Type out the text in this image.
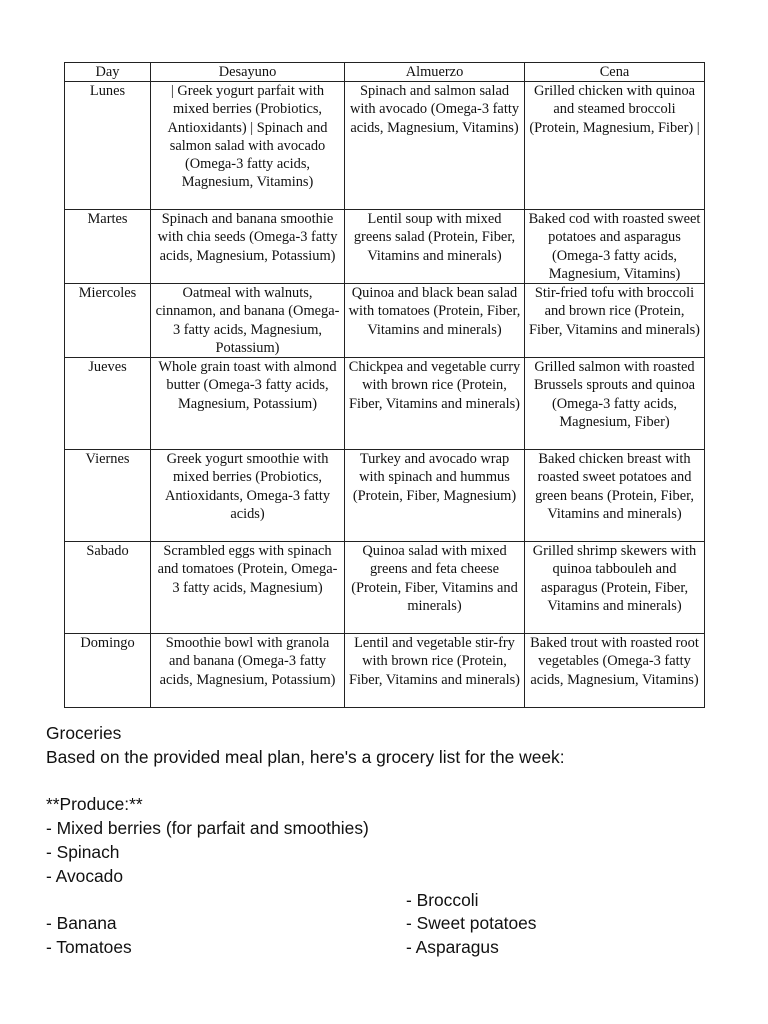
Day	Desayuno	Almuerzo	Cena
Lunes	| Greek yogurt parfait with mixed berries (Probiotics, Antioxidants) | Spinach and salmon salad with avocado (Omega-3 fatty acids, Magnesium, Vitamins)	Spinach and salmon salad with avocado (Omega-3 fatty acids, Magnesium, Vitamins)	Grilled chicken with quinoa and steamed broccoli (Protein, Magnesium, Fiber) |
Martes	Spinach and banana smoothie with chia seeds (Omega-3 fatty acids, Magnesium, Potassium)	Lentil soup with mixed greens salad (Protein, Fiber, Vitamins and minerals)	Baked cod with roasted sweet potatoes and asparagus (Omega-3 fatty acids, Magnesium, Vitamins)
Miercoles	Oatmeal with walnuts, cinnamon, and banana (Omega-3 fatty acids, Magnesium, Potassium)	Quinoa and black bean salad with tomatoes (Protein, Fiber, Vitamins and minerals)	Stir-fried tofu with broccoli and brown rice (Protein, Fiber, Vitamins and minerals)
Jueves	Whole grain toast with almond butter (Omega-3 fatty acids, Magnesium, Potassium)	Chickpea and vegetable curry with brown rice (Protein, Fiber, Vitamins and minerals)	Grilled salmon with roasted Brussels sprouts and quinoa (Omega-3 fatty acids, Magnesium, Fiber)
Viernes	Greek yogurt smoothie with mixed berries (Probiotics, Antioxidants, Omega-3 fatty acids)	Turkey and avocado wrap with spinach and hummus (Protein, Fiber, Magnesium)	Baked chicken breast with roasted sweet potatoes and green beans (Protein, Fiber, Vitamins and minerals)
Sabado	Scrambled eggs with spinach and tomatoes (Protein, Omega-3 fatty acids, Magnesium)	Quinoa salad with mixed greens and feta cheese (Protein, Fiber, Vitamins and minerals)	Grilled shrimp skewers with quinoa tabbouleh and asparagus (Protein, Fiber, Vitamins and minerals)
Domingo	Smoothie bowl with granola and banana (Omega-3 fatty acids, Magnesium, Potassium)	Lentil and vegetable stir-fry with brown rice (Protein, Fiber, Vitamins and minerals)	Baked trout with roasted root vegetables (Omega-3 fatty acids, Magnesium, Vitamins)
Groceries
Based on the provided meal plan, here's a grocery list for the week:
**Produce:**
- Mixed berries (for parfait and smoothies)
- Spinach
- Avocado
- Broccoli
- Banana	- Sweet potatoes
- Tomatoes	- Asparagus
